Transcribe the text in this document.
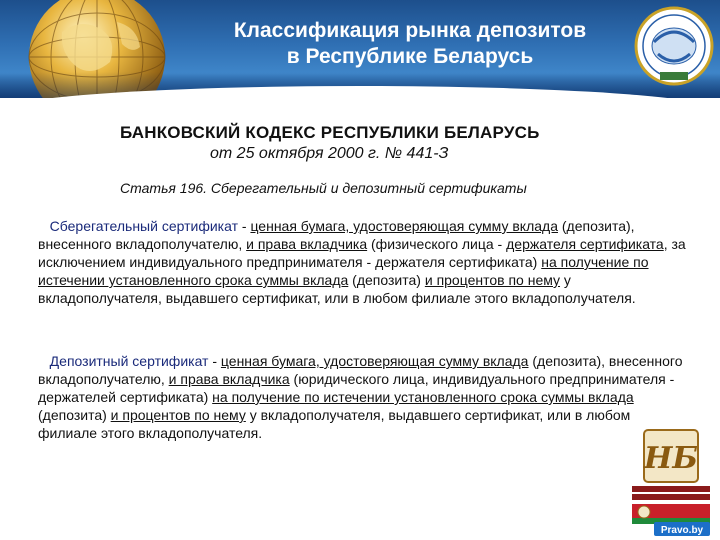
Классификация рынка депозитов
в Республике Беларусь
БАНКОВСКИЙ КОДЕКС РЕСПУБЛИКИ БЕЛАРУСЬ
от 25 октября 2000 г. № 441-З
Статья 196. Сберегательный и депозитный сертификаты
Сберегательный сертификат - ценная бумага, удостоверяющая сумму вклада (депозита), внесенного вкладополучателю, и права вкладчика (физического лица - держателя сертификата, за исключением индивидуального предпринимателя - держателя сертификата) на получение по истечении установленного срока суммы вклада (депозита) и процентов по нему у вкладополучателя, выдавшего сертификат, или в любом филиале этого вкладополучателя.
Депозитный сертификат - ценная бумага, удостоверяющая сумму вклада (депозита), внесенного вкладополучателю, и права вкладчика (юридического лица, индивидуального предпринимателя - держателей сертификата) на получение по истечении установленного срока суммы вклада (депозита) и процентов по нему у вкладополучателя, выдавшего сертификат, или в любом филиале этого вкладополучателя.
НБ
Pravo.by
